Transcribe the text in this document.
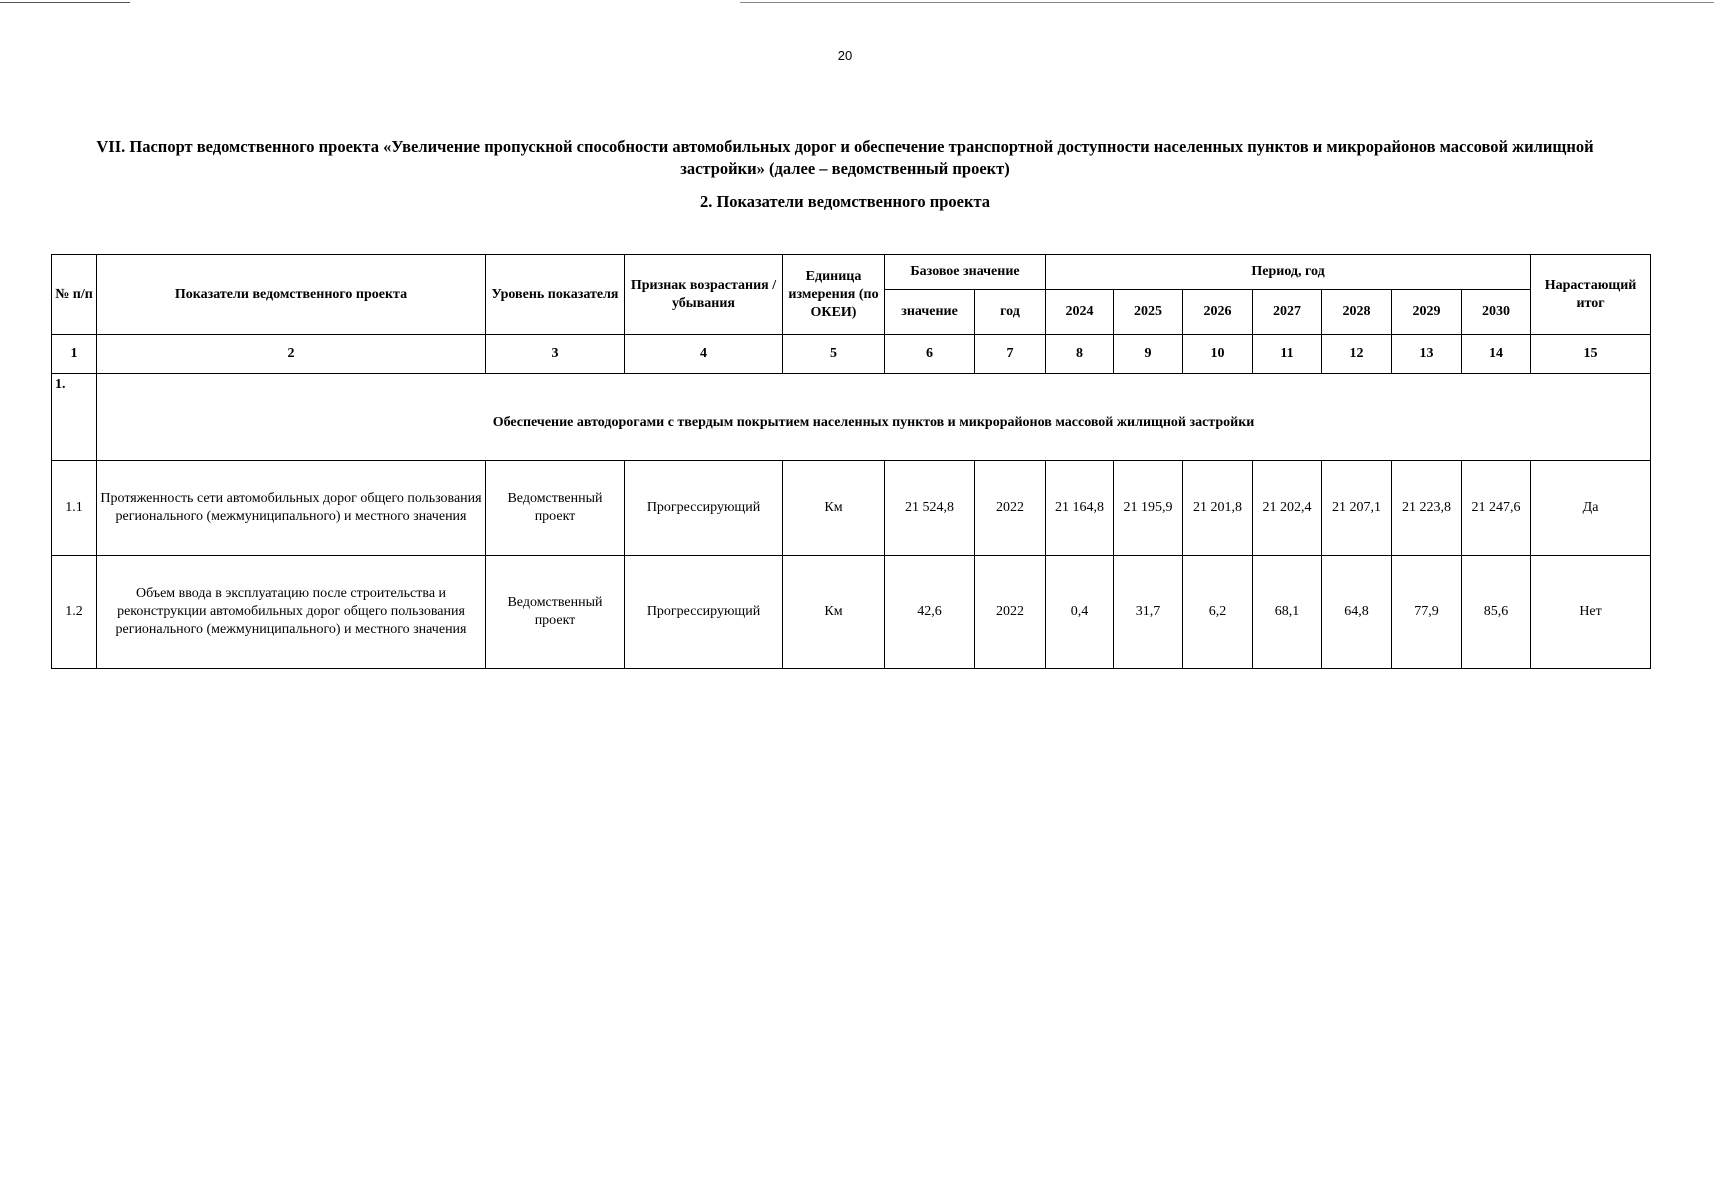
20
VII. Паспорт ведомственного проекта «Увеличение пропускной способности автомобильных дорог и обеспечение транспортной доступности населенных пунктов и микрорайонов массовой жилищной застройки» (далее – ведомственный проект)
2. Показатели ведомственного проекта
№ п/п	Показатели ведомственного проекта	Уровень показателя	Признак возрастания / убывания	Единица измерения (по ОКЕИ)	Базовое значение		Период, год							Нарастающий итог
					значение	год	2024	2025	2026	2027	2028	2029	2030	
1	2	3	4	5	6	7	8	9	10	11	12	13	14	15
1.	Обеспечение автодорогами с твердым покрытием населенных пунктов и микрорайонов массовой жилищной застройки													
1.1	Протяженность сети автомобильных дорог общего пользования регионального (межмуниципального) и местного значения	Ведомственный проект	Прогрессирующий	Км	21 524,8	2022	21 164,8	21 195,9	21 201,8	21 202,4	21 207,1	21 223,8	21 247,6	Да
1.2	Объем ввода в эксплуатацию после строительства и реконструкции автомобильных дорог общего пользования регионального (межмуниципального) и местного значения	Ведомственный проект	Прогрессирующий	Км	42,6	2022	0,4	31,7	6,2	68,1	64,8	77,9	85,6	Нет
